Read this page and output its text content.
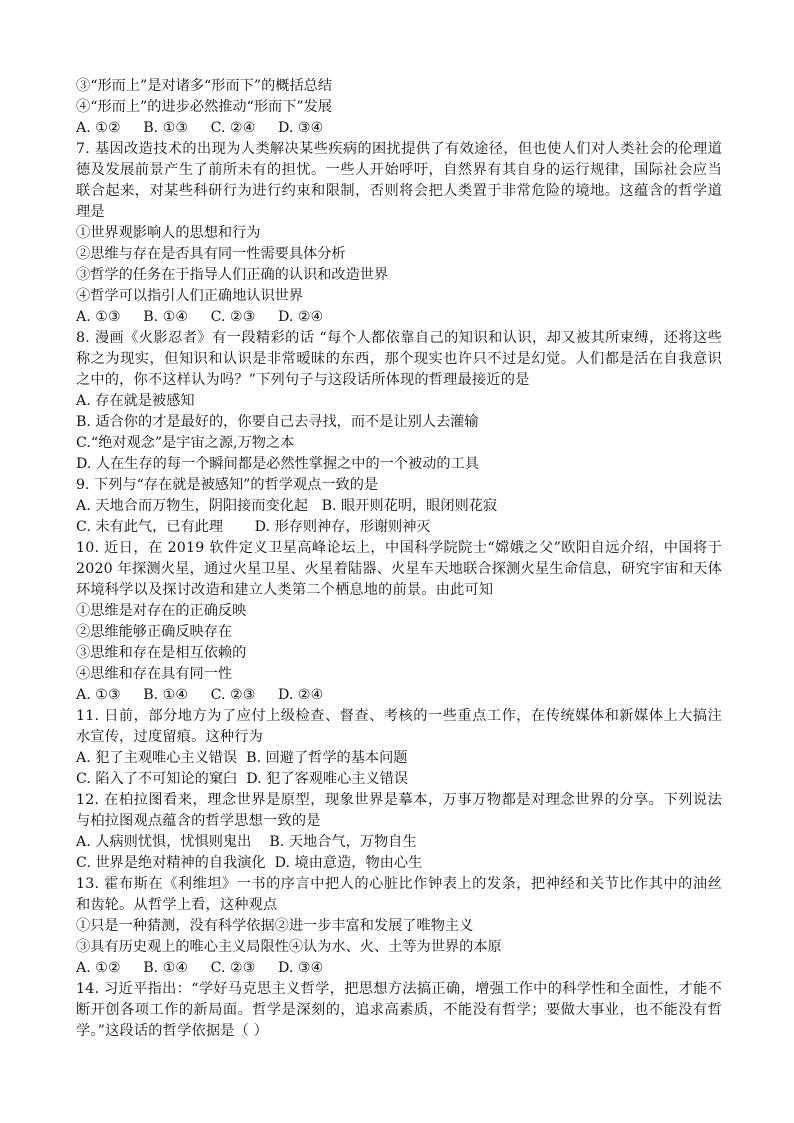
③“形而上”是对诸多“形而下”的概括总结
④“形而上”的进步必然推动“形而下”发展
A. ①②     B. ①③     C. ②④     D. ③④
7. 基因改造技术的出现为人类解决某些疾病的困扰提供了有效途径，但也使人们对人类社会的伦理道德及发展前景产生了前所未有的担忧。一些人开始呼吁，自然界有其自身的运行规律，国际社会应当联合起来，对某些科研行为进行约束和限制，否则将会把人类置于非常危险的境地。这蕴含的哲学道理是
①世界观影响人的思想和行为
②思维与存在是否具有同一性需要具体分析
③哲学的任务在于指导人们正确的认识和改造世界
④哲学可以指引人们正确地认识世界
A. ①③     B. ①④     C. ②③     D. ②④
8. 漫画《火影忍者》有一段精彩的话 “每个人都依靠自己的知识和认识，却又被其所束缚，还将这些称之为现实，但知识和认识是非常暧昧的东西，那个现实也许只不过是幻觉。人们都是活在自我意识之中的，你不这样认为吗？”下列句子与这段话所体现的哲理最接近的是
A. 存在就是被感知
B. 适合你的才是最好的，你要自己去寻找，而不是让别人去灌输
C.“绝对观念”是宇宙之源,万物之本
D. 人在生存的每一个瞬间都是必然性掌握之中的一个被动的工具
9. 下列与“存在就是被感知”的哲学观点一致的是
A. 天地合而万物生，阴阳接而变化起   B. 眼开则花明，眼闭则花寂
C. 未有此气，已有此理       D. 形存则神存，形谢则神灭
10. 近日，在 2019 软件定义卫星高峰论坛上，中国科学院院士“嫦娥之父”欧阳自远介绍，中国将于 2020 年探测火星，通过火星卫星、火星着陆器、火星车天地联合探测火星生命信息，研究宇宙和天体环境科学以及探讨改造和建立人类第二个栖息地的前景。由此可知
①思维是对存在的正确反映
②思维能够正确反映存在
③思维和存在是相互依赖的
④思维和存在具有同一性
A. ①③     B. ①④     C. ②③     D. ②④
11. 日前，部分地方为了应付上级检查、督查、考核的一些重点工作，在传统媒体和新媒体上大搞注水宣传，过度留痕。这种行为
A. 犯了主观唯心主义错误  B. 回避了哲学的基本问题
C. 陷入了不可知论的窠臼  D. 犯了客观唯心主义错误
12. 在柏拉图看来，理念世界是原型，现象世界是摹本，万事万物都是对理念世界的分享。下列说法与柏拉图观点蕴含的哲学思想一致的是
A. 人病则忧惧，忧惧则鬼出    B. 天地合气，万物自生
C. 世界是绝对精神的自我演化  D. 境由意造，物由心生
13. 霍布斯在《利维坦》一书的序言中把人的心脏比作钟表上的发条，把神经和关节比作其中的油丝和齿轮。从哲学上看，这种观点
①只是一种猜测，没有科学依据②进一步丰富和发展了唯物主义
③具有历史观上的唯心主义局限性④认为水、火、土等为世界的本原
A. ①②     B. ①④     C. ②③     D. ③④
14. 习近平指出：“学好马克思主义哲学，把思想方法搞正确，增强工作中的科学性和全面性，才能不断开创各项工作的新局面。哲学是深刻的，追求高素质，不能没有哲学；要做大事业，也不能没有哲学。”这段话的哲学依据是（ ）
